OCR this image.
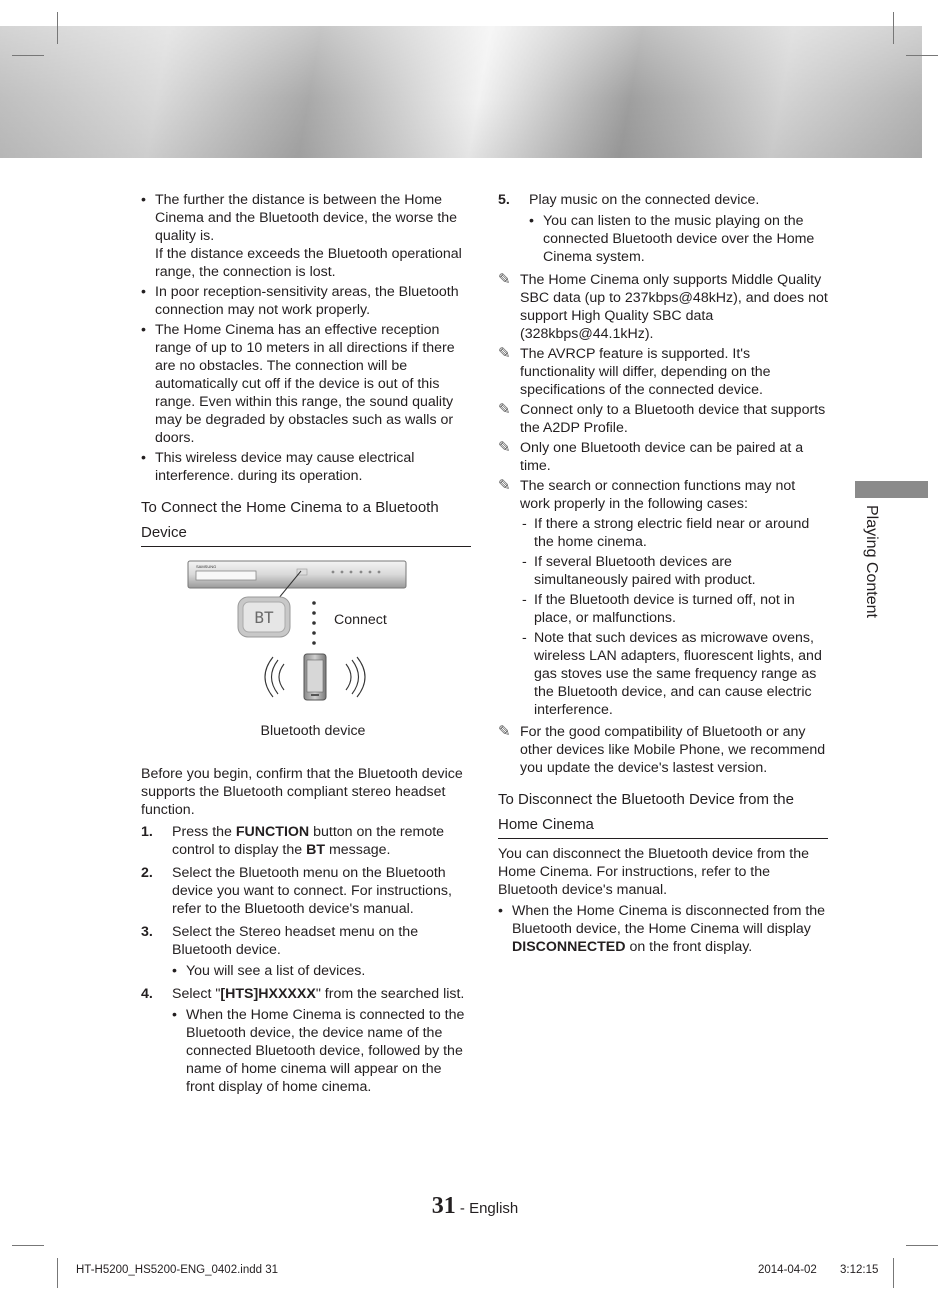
• The further the distance is between the Home Cinema and the Bluetooth device, the worse the quality is.
If the distance exceeds the Bluetooth operational range, the connection is lost.
• In poor reception-sensitivity areas, the Bluetooth connection may not work properly.
• The Home Cinema has an effective reception range of up to 10 meters in all directions if there are no obstacles. The connection will be automatically cut off if the device is out of this range. Even within this range, the sound quality may be degraded by obstacles such as walls or doors.
• This wireless device may cause electrical interference. during its operation.
To Connect the Home Cinema to a Bluetooth Device
SAMSUNG
BT	Connect
Bluetooth device
Before you begin, confirm that the Bluetooth device supports the Bluetooth compliant stereo headset function.
1. Press the FUNCTION button on the remote control to display the BT message.
2. Select the Bluetooth menu on the Bluetooth device you want to connect. For instructions, refer to the Bluetooth device's manual.
3. Select the Stereo headset menu on the Bluetooth device.
• You will see a list of devices.
4. Select "[HTS]HXXXXX" from the searched list.
• When the Home Cinema is connected to the Bluetooth device, the device name of the connected Bluetooth device, followed by the name of home cinema will appear on the front display of home cinema.
5. Play music on the connected device.
• You can listen to the music playing on the connected Bluetooth device over the Home Cinema system.
✎ The Home Cinema only supports Middle Quality SBC data (up to 237kbps@48kHz), and does not support High Quality SBC data (328kbps@44.1kHz).
✎ The AVRCP feature is supported. It's functionality will differ, depending on the specifications of the connected device.
✎ Connect only to a Bluetooth device that supports the A2DP Profile.
✎ Only one Bluetooth device can be paired at a time.
✎ The search or connection functions may not work properly in the following cases:
- If there a strong electric field near or around the home cinema.
- If several Bluetooth devices are simultaneously paired with product.
- If the Bluetooth device is turned off, not in place, or malfunctions.
- Note that such devices as microwave ovens, wireless LAN adapters, fluorescent lights, and gas stoves use the same frequency range as the Bluetooth device, and can cause electric interference.
✎ For the good compatibility of Bluetooth or any other devices like Mobile Phone, we recommend you update the device's lastest version.
To Disconnect the Bluetooth Device from the Home Cinema
You can disconnect the Bluetooth device from the Home Cinema. For instructions, refer to the Bluetooth device's manual.
• When the Home Cinema is disconnected from the Bluetooth device, the Home Cinema will display DISCONNECTED on the front display.
Playing Content
31 - English
HT-H5200_HS5200-ENG_0402.indd 31	2014-04-02 3:12:15
